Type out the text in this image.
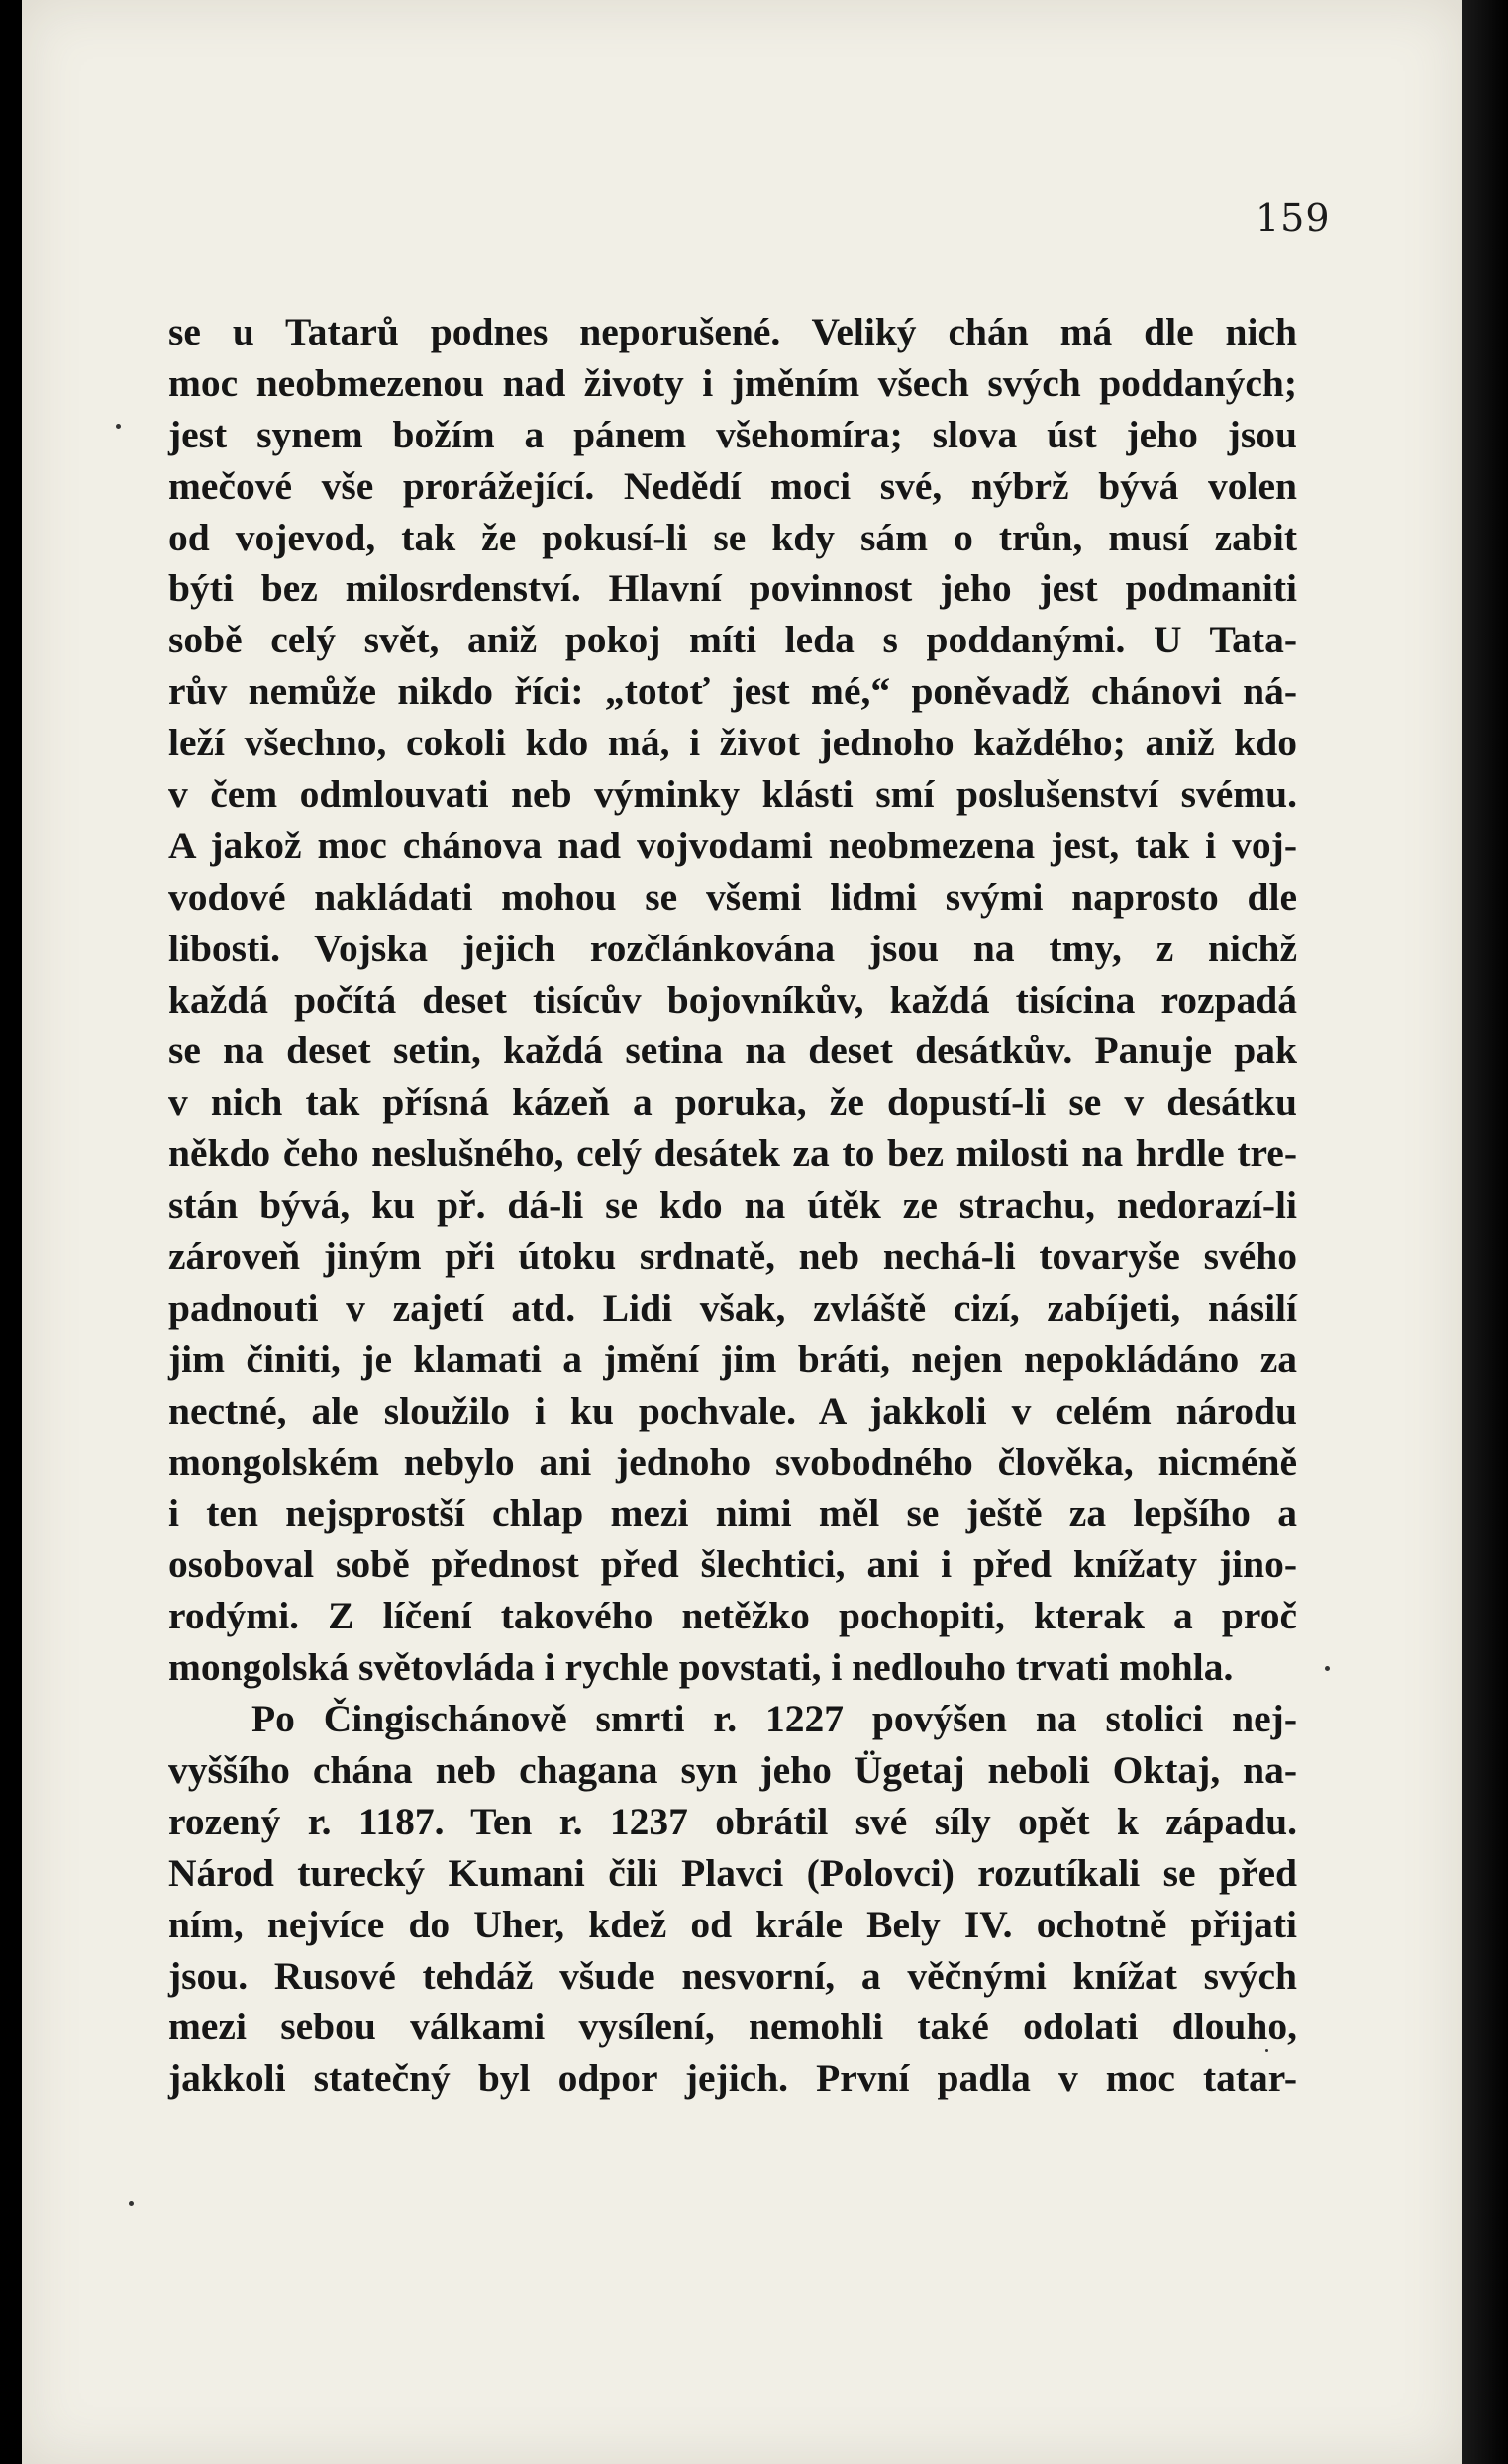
159
se u Tatarů podnes neporušené. Veliký chán má dle nich
moc neobmezenou nad životy i jměním všech svých poddaných;
jest synem božím a pánem všehomíra; slova úst jeho jsou
mečové vše prorážející. Nedědí moci své, nýbrž bývá volen
od vojevod, tak že pokusí-li se kdy sám o trůn, musí zabit
býti bez milosrdenství. Hlavní povinnost jeho jest podmaniti
sobě celý svět, aniž pokoj míti leda s poddanými. U Tata-
rův nemůže nikdo říci: „totoť jest mé,“ poněvadž chánovi ná-
leží všechno, cokoli kdo má, i život jednoho každého; aniž kdo
v čem odmlouvati neb výminky klásti smí poslušenství svému.
A jakož moc chánova nad vojvodami neobmezena jest, tak i voj-
vodové nakládati mohou se všemi lidmi svými naprosto dle
libosti. Vojska jejich rozčlánkována jsou na tmy, z nichž
každá počítá deset tisícův bojovníkův, každá tisícina rozpadá
se na deset setin, každá setina na deset desátkův. Panuje pak
v nich tak přísná kázeň a poruka, že dopustí-li se v desátku
někdo čeho neslušného, celý desátek za to bez milosti na hrdle tre-
stán bývá, ku př. dá-li se kdo na útěk ze strachu, nedorazí-li
zároveň jiným při útoku srdnatě, neb nechá-li tovaryše svého
padnouti v zajetí atd. Lidi však, zvláště cizí, zabíjeti, násilí
jim činiti, je klamati a jmění jim bráti, nejen nepokládáno za
nectné, ale sloužilo i ku pochvale. A jakkoli v celém národu
mongolském nebylo ani jednoho svobodného člověka, nicméně
i ten nejsprostší chlap mezi nimi měl se ještě za lepšího a
osoboval sobě přednost před šlechtici, ani i před knížaty jino-
rodými. Z líčení takového netěžko pochopiti, kterak a proč
mongolská světovláda i rychle povstati, i nedlouho trvati mohla.
Po Čingischánově smrti r. 1227 povýšen na stolici nej-
vyššího chána neb chagana syn jeho Ügetaj neboli Oktaj, na-
rozený r. 1187. Ten r. 1237 obrátil své síly opět k západu.
Národ turecký Kumani čili Plavci (Polovci) rozutíkali se před
ním, nejvíce do Uher, kdež od krále Bely IV. ochotně přijati
jsou. Rusové tehdáž všude nesvorní, a věčnými knížat svých
mezi sebou válkami vysílení, nemohli také odolati dlouho,
jakkoli statečný byl odpor jejich. První padla v moc tatar-
